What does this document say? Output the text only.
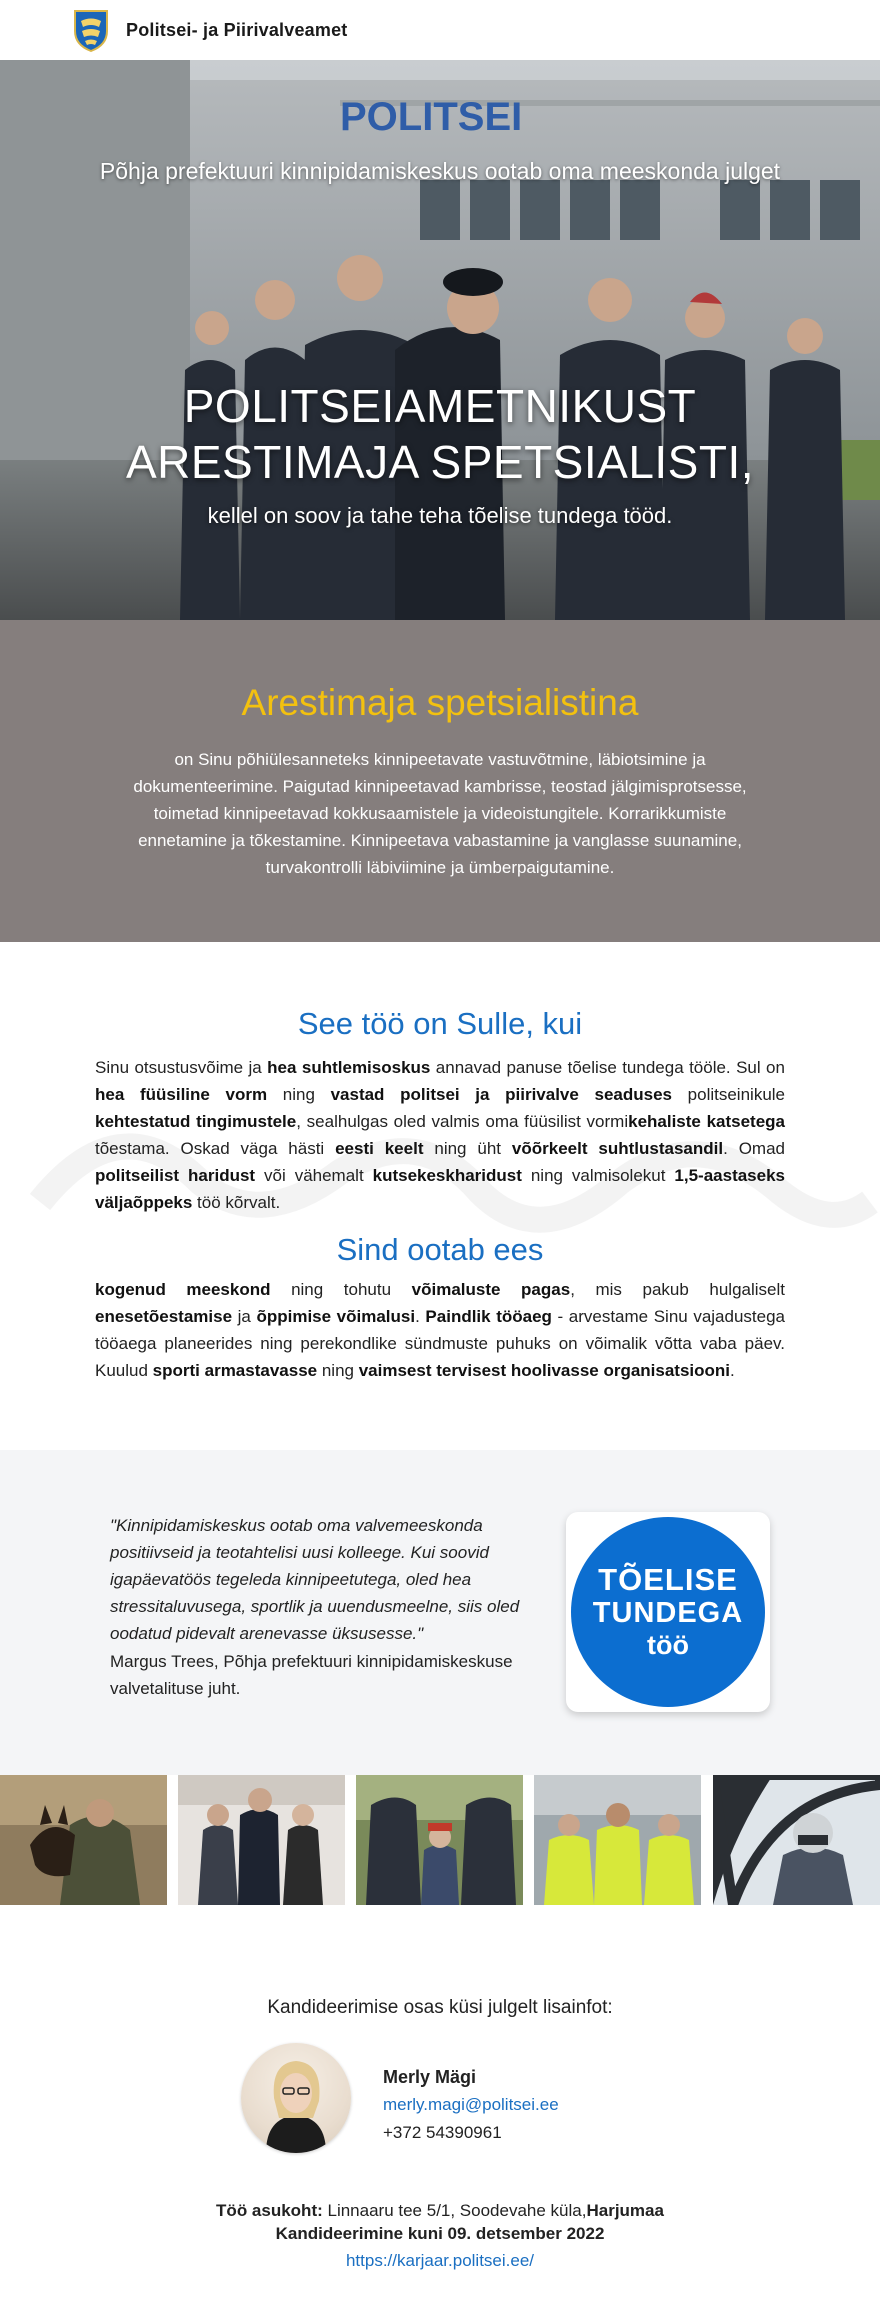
Politsei- ja Piirivalveamet
POLITSEI
Põhja prefektuuri kinnipidamiskeskus ootab oma meeskonda julget
POLITSEIAMETNIKUST
ARESTIMAJA SPETSIALISTI,
kellel on soov ja tahe teha tõelise tundega tööd.
Arestimaja spetsialistina

on Sinu põhiülesanneteks kinnipeetavate vastuvõtmine, läbiotsimine ja dokumenteerimine. Paigutad kinnipeetavad kambrisse, teostad jälgimisprotsesse, toimetad kinnipeetavad kokkusaamistele ja videoistungitele. Korrarikkumiste ennetamine ja tõkestamine. Kinnipeetava vabastamine ja vanglasse suunamine, turvakontrolli läbiviimine ja ümberpaigutamine.

See töö on Sulle, kui
Sinu otsustusvõime ja hea suhtlemisoskus annavad panuse tõelise tundega tööle. Sul on hea füüsiline vorm ning vastad politsei ja piirivalve seaduses politseinikule kehtestatud tingimustele, sealhulgas oled valmis oma füüsilist vormikehaliste katsetega tõestama. Oskad väga hästi eesti keelt ning üht võõrkeelt suhtlustasandil. Omad politseilist haridust või vähemalt kutsekeskharidust ning valmisolekut 1,5-aastaseks väljaõppeks töö kõrvalt.
Sind ootab ees
kogenud meeskond ning tohutu võimaluste pagas, mis pakub hulgaliselt enesetõestamise ja õppimise võimalusi. Paindlik tööaeg - arvestame Sinu vajadustega tööaega planeerides ning perekondlike sündmuste puhuks on võimalik võtta vaba päev. Kuulud sporti armastavasse ning vaimsest tervisest hoolivasse organisatsiooni.
"Kinnipidamiskeskus ootab oma valvemeeskonda positiivseid ja teotahtelisi uusi kolleege. Kui soovid igapäevatöös tegeleda kinnipeetutega, oled hea stressitaluvusega, sportlik ja uuendusmeelne, siis oled oodatud pidevalt arenevasse üksusesse."
Margus Trees, Põhja prefektuuri kinnipidamiskeskuse valvetalituse juht.
TÕELISE
TUNDEGA
töö
Kandideerimise osas küsi julgelt lisainfot:
Merly Mägi
merly.magi@politsei.ee
+372 54390961
Töö asukoht: Linnaaru tee 5/1, Soodevahe küla,Harjumaa
Kandideerimine kuni 09. detsember 2022
https://karjaar.politsei.ee/
